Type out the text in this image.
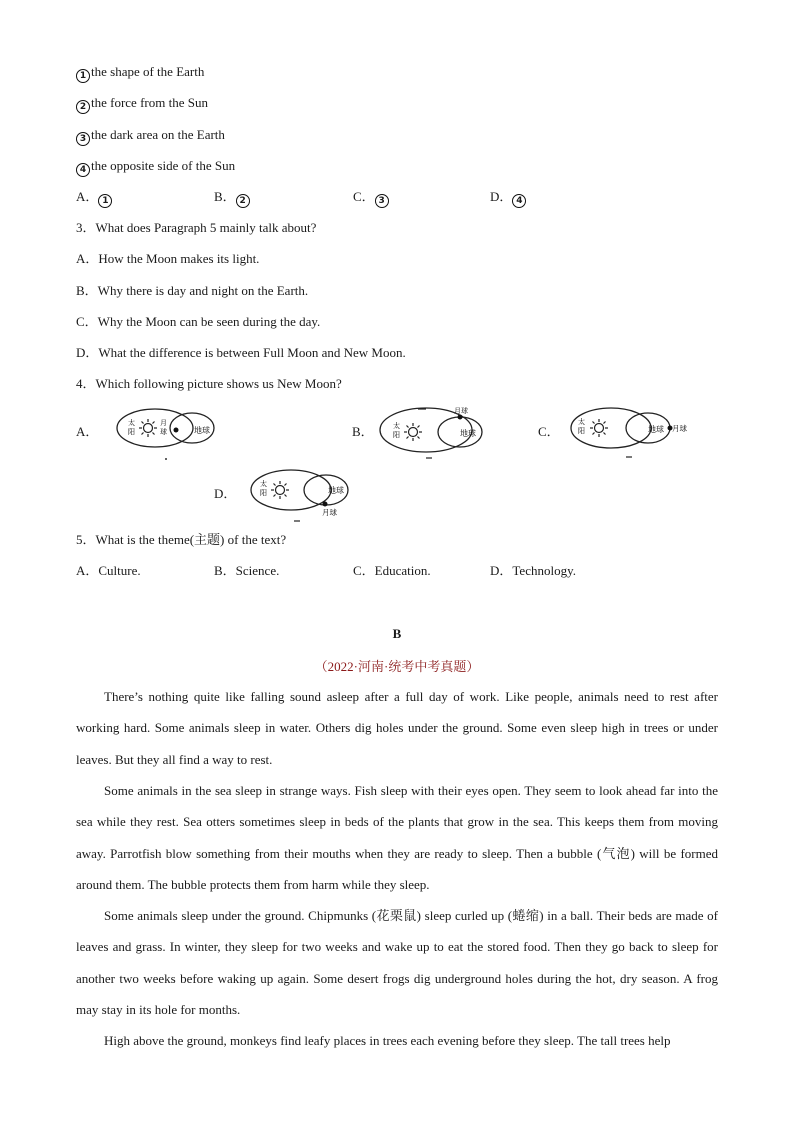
1 the shape of the Earth
2 the force from the Sun
3 the dark area on the Earth
4 the opposite side of the Sun
A． 1	B． 2	C． 3	D． 4
3．What does Paragraph 5 mainly talk about?
A．How the Moon makes its light.
B．Why there is day and night on the Earth.
C．Why the Moon can be seen during the day.
D．What the difference is between Full Moon and New Moon.
4．Which following picture shows us New Moon?
A．
太
阳
月
球	地球	B．	太
阳
月球
地球	C．
太
阳	地球 月球
D．
太
阳	地球
月球
5．What is the theme(主题) of the text?
A．Culture.	B．Science.	C．Education.	D．Technology.
B
（2022·河南·统考中考真题）

There’s nothing quite like falling sound asleep after a full day of work. Like people, animals need to rest after working hard. Some animals sleep in water. Others dig holes under the ground. Some even sleep high in trees or under leaves. But they all find a way to rest.

Some animals in the sea sleep in strange ways. Fish sleep with their eyes open. They seem to look ahead far into the sea while they rest. Sea otters sometimes sleep in beds of the plants that grow in the sea. This keeps them from moving away. Parrotfish blow something from their mouths when they are ready to sleep. Then a bubble (气泡) will be formed around them. The bubble protects them from harm while they sleep.

Some animals sleep under the ground. Chipmunks (花栗鼠) sleep curled up (蜷缩) in a ball. Their beds are made of leaves and grass. In winter, they sleep for two weeks and wake up to eat the stored food. Then they go back to sleep for another two weeks before waking up again. Some desert frogs dig underground holes during the hot, dry season. A frog may stay in its hole for months.

High above the ground, monkeys find leafy places in trees each evening before they sleep. The tall trees help
